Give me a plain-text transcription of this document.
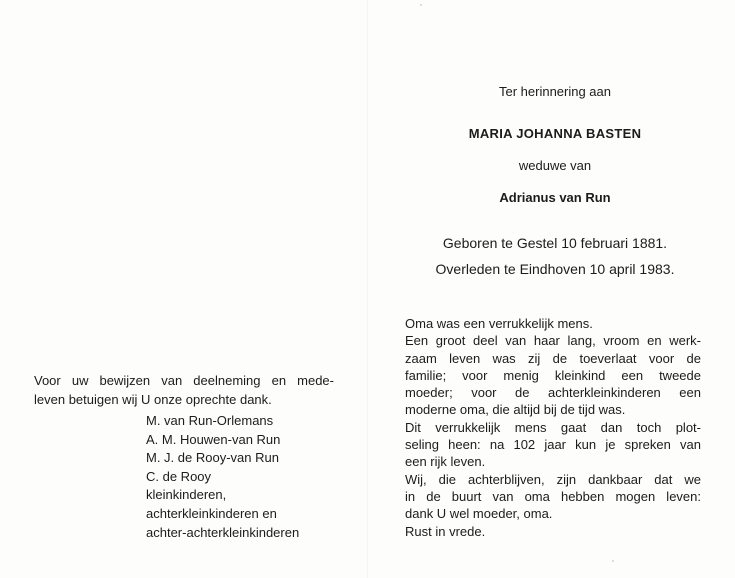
Ter herinnering aan
MARIA JOHANNA BASTEN
weduwe van
Adrianus van Run
Geboren te Gestel 10 februari 1881.
Overleden te Eindhoven 10 april 1983.
Oma was een verrukkelijk mens.
Een groot deel van haar lang, vroom en werk-
zaam leven was zij de toeverlaat voor de
familie; voor menig kleinkind een tweede
moeder; voor de achterkleinkinderen een
moderne oma, die altijd bij de tijd was.
Dit verrukkelijk mens gaat dan toch plot-
seling heen: na 102 jaar kun je spreken van
een rijk leven.
Wij, die achterblijven, zijn dankbaar dat we
in de buurt van oma hebben mogen leven:
dank U wel moeder, oma.
Rust in vrede.
Voor uw bewijzen van deelneming en mede-
leven betuigen wij U onze oprechte dank.
M. van Run-Orlemans
A. M. Houwen-van Run
M. J. de Rooy-van Run
C. de Rooy
kleinkinderen,
achterkleinkinderen en
achter-achterkleinkinderen
